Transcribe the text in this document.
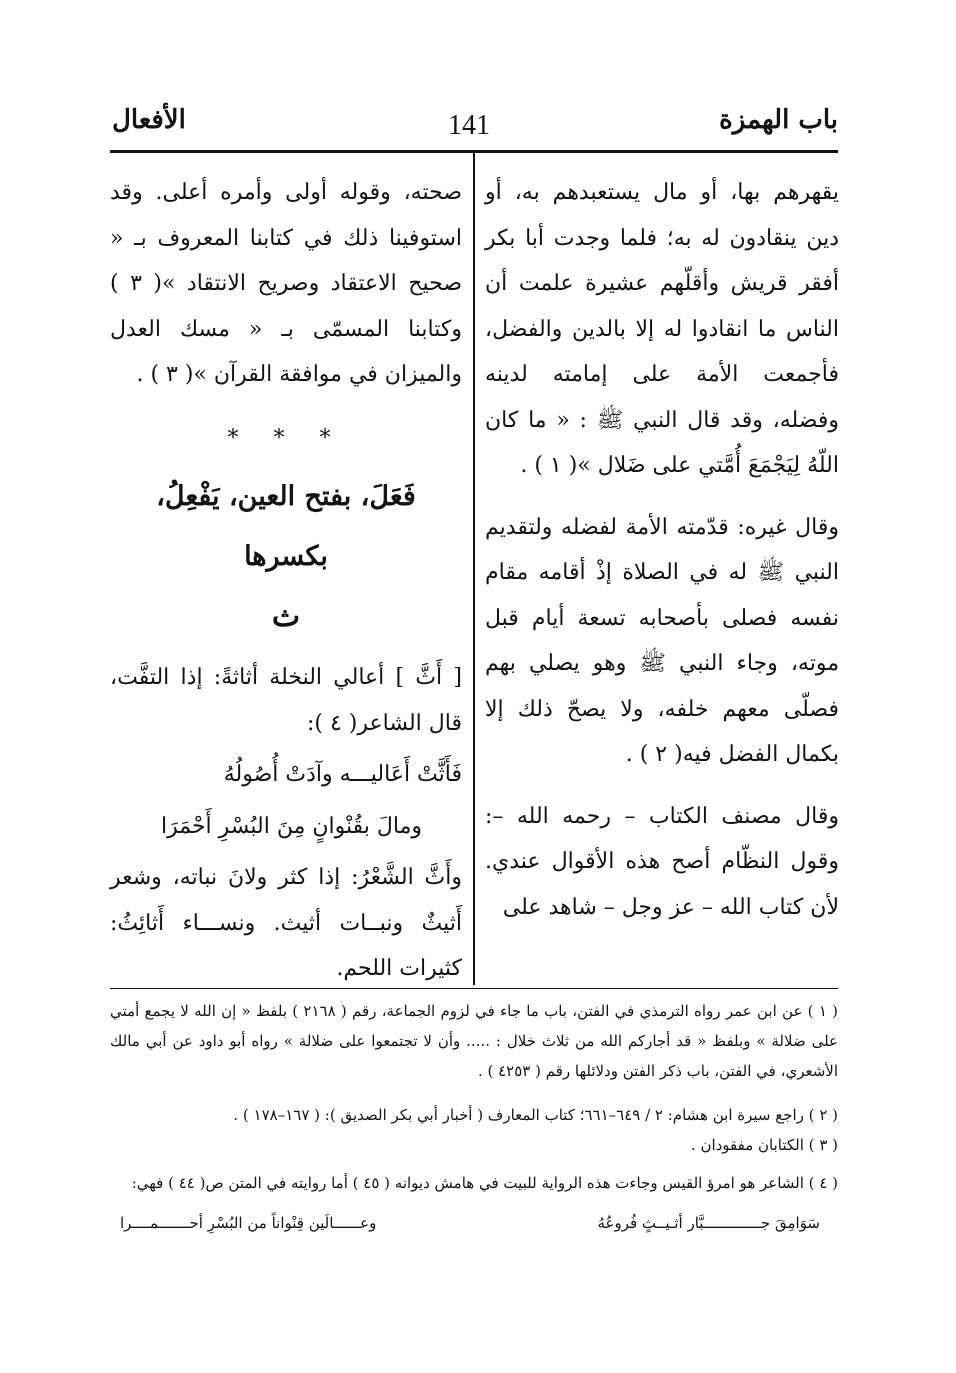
باب الهمزة
141
الأفعال

يقهرهم بها، أو مال يستعبدهم به، أو دين ينقادون له به؛ فلما وجدت أبا بكر أفقر قريش وأقلّهم عشيرة علمت أن الناس ما انقادوا له إلا بالدين والفضل، فأجمعت الأمة على إمامته لدينه وفضله، وقد قال النبي ﷺ : « ما كان اللّهُ لِيَجْمَعَ أُمَّتي على ضَلال »( ١ ) .

وقال غيره: قدّمته الأمة لفضله ولتقديم النبي ﷺ له في الصلاة إذْ أقامه مقام نفسه فصلى بأصحابه تسعة أيام قبل موته، وجاء النبي ﷺ وهو يصلي بهم فصلّى معهم خلفه، ولا يصحّ ذلك إلا بكمال الفضل فيه( ٢ ) .

وقال مصنف الكتاب – رحمه الله –: وقول النظّام أصح هذه الأقوال عندي. لأن كتاب الله – عز وجل – شاهد على

صحته، وقوله أولى وأمره أعلى. وقد استوفينا ذلك في كتابنا المعروف بـ « صحيح الاعتقاد وصريح الانتقاد »( ٣ ) وكتابنا المسمّى بـ « مسك العدل والميزان في موافقة القرآن »( ٣ ) .

* * *
فَعَلَ، بفتح العين، يَفْعِلُ، بكسرها
ث

[ أَثَّ ] أعالي النخلة أثاثةً: إذا التفَّت، قال الشاعر( ٤ ):

فَأَثَّتْ أَعَاليـــه وآدَتْ أُصُولُهُ

ومالَ بقُنْوانٍ مِنَ البُسْرِ أَحْمَرَا

وأَثَّ الشَّعْرُ: إذا كثر ولانَ نباته، وشعر أَثيثٌ ونبــات أثيث. ونســـاء أَثائِثُ: كثيرات اللحم.

( ١ ) عن ابن عمر رواه الترمذي في الفتن، باب ما جاء في لزوم الجماعة، رقم ( ٢١٦٨ ) بلفظ « إن الله لا يجمع أمتي على ضلالة » وبلفظ « قد أجاركم الله من ثلاث خلال : ..... وأن لا تجتمعوا على ضلالة » رواه أبو داود عن أبي مالك الأشعري، في الفتن، باب ذكر الفتن ودلائلها رقم ( ٤٢٥٣ ) .

( ٢ ) راجع سيرة ابن هشام: ٢ / ٦٤٩–٦٦١؛ كتاب المعارف ( أخبار أبي بكر الصديق ): ( ١٦٧–١٧٨ ) .

( ٣ ) الكتابان مفقودان .

( ٤ ) الشاعر هو امرؤ القيس وجاءت هذه الرواية للبيت في هامش ديوانه ( ٤٥ ) أما روايته في المتن ص( ٤٤ ) فهي:

سَوَامِقَ جـــــــــــــبَّار أثـيــثٍ فُروعُهُ
وعــــــالَين قِنْواناً من البُسْرِ أحـــــــمــــرا
